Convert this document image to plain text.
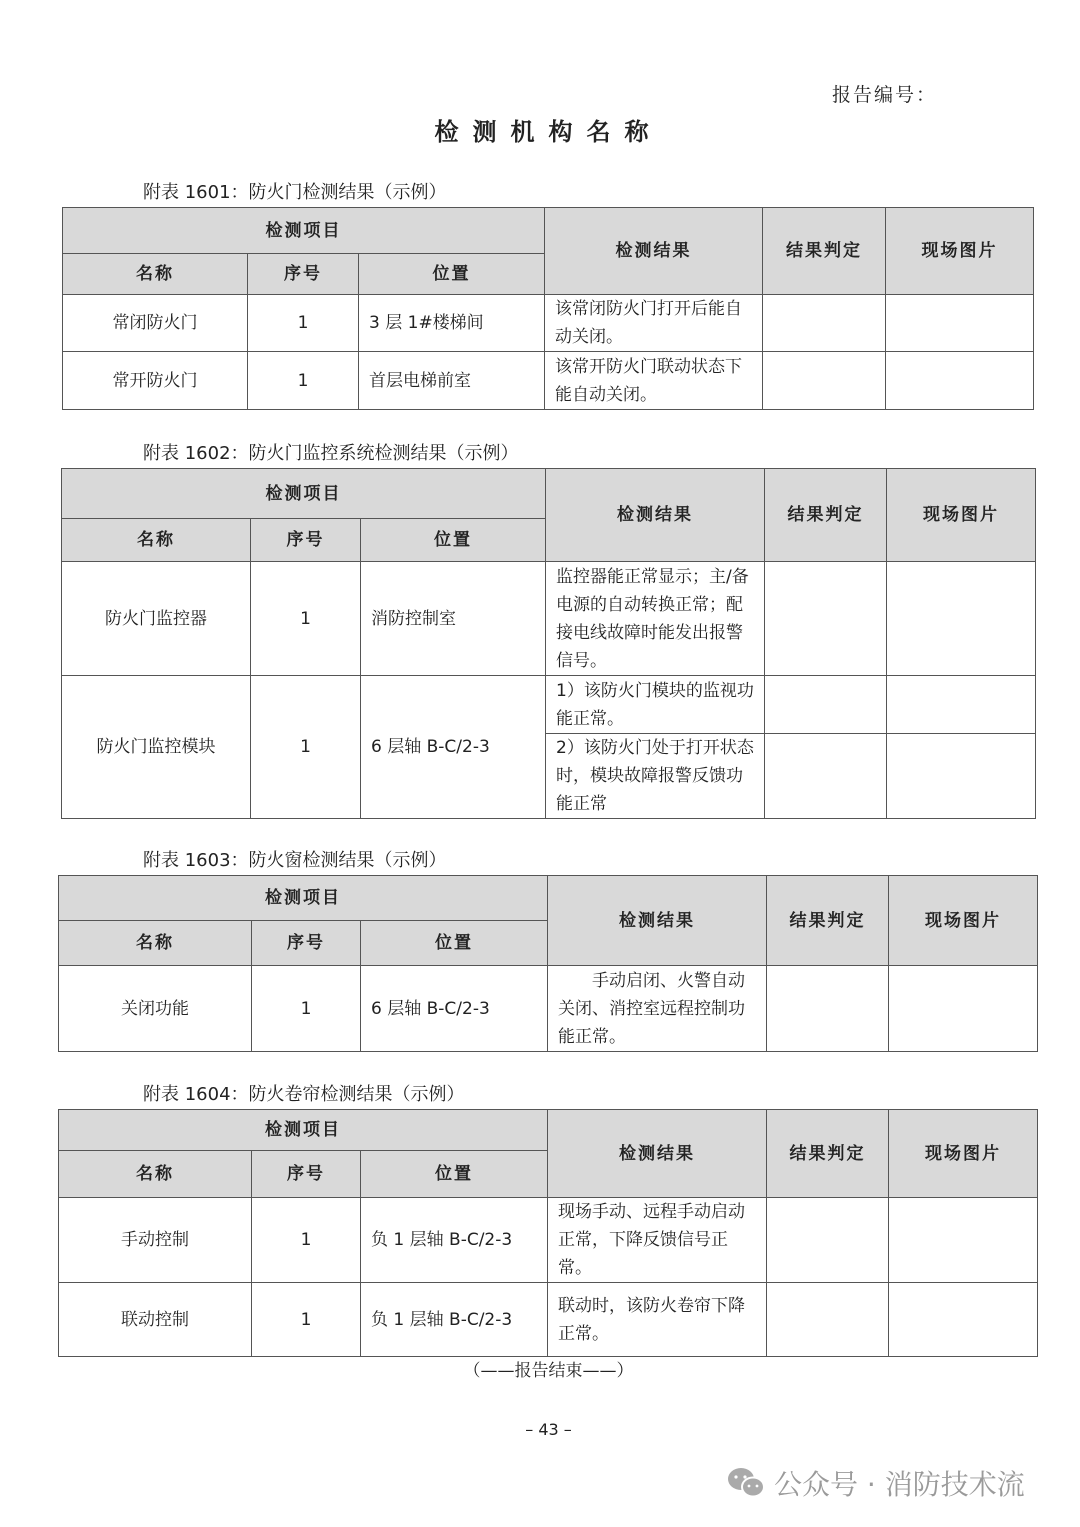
报告编号：
检测机构名称
附表 1601：防火门检测结果（示例）
检测项目			检测结果	结果判定	现场图片
名称	序号	位置			
常闭防火门	1	3 层 1#楼梯间	该常闭防火门打开后能自动关闭。		
常开防火门	1	首层电梯前室	该常开防火门联动状态下能自动关闭。		
附表 1602：防火门监控系统检测结果（示例）
检测项目			检测结果	结果判定	现场图片
名称	序号	位置			
防火门监控器	1	消防控制室	监控器能正常显示；主/备电源的自动转换正常；配接电线故障时能发出报警信号。		
防火门监控模块	1	6 层轴 B-C/2-3	1）该防火门模块的监视功能正常。		
			2）该防火门处于打开状态时，模块故障报警反馈功能正常		
附表 1603：防火窗检测结果（示例）
检测项目			检测结果	结果判定	现场图片
名称	序号	位置			
关闭功能	1	6 层轴 B-C/2-3	　　手动启闭、火警自动关闭、消控室远程控制功能正常。		
附表 1604：防火卷帘检测结果（示例）
检测项目			检测结果	结果判定	现场图片
名称	序号	位置			
手动控制	1	负 1 层轴 B-C/2-3	现场手动、远程手动启动正常，下降反馈信号正常。		
联动控制	1	负 1 层轴 B-C/2-3	联动时，该防火卷帘下降正常。		
（——报告结束——）
– 43 –
公众号 · 消防技术流
